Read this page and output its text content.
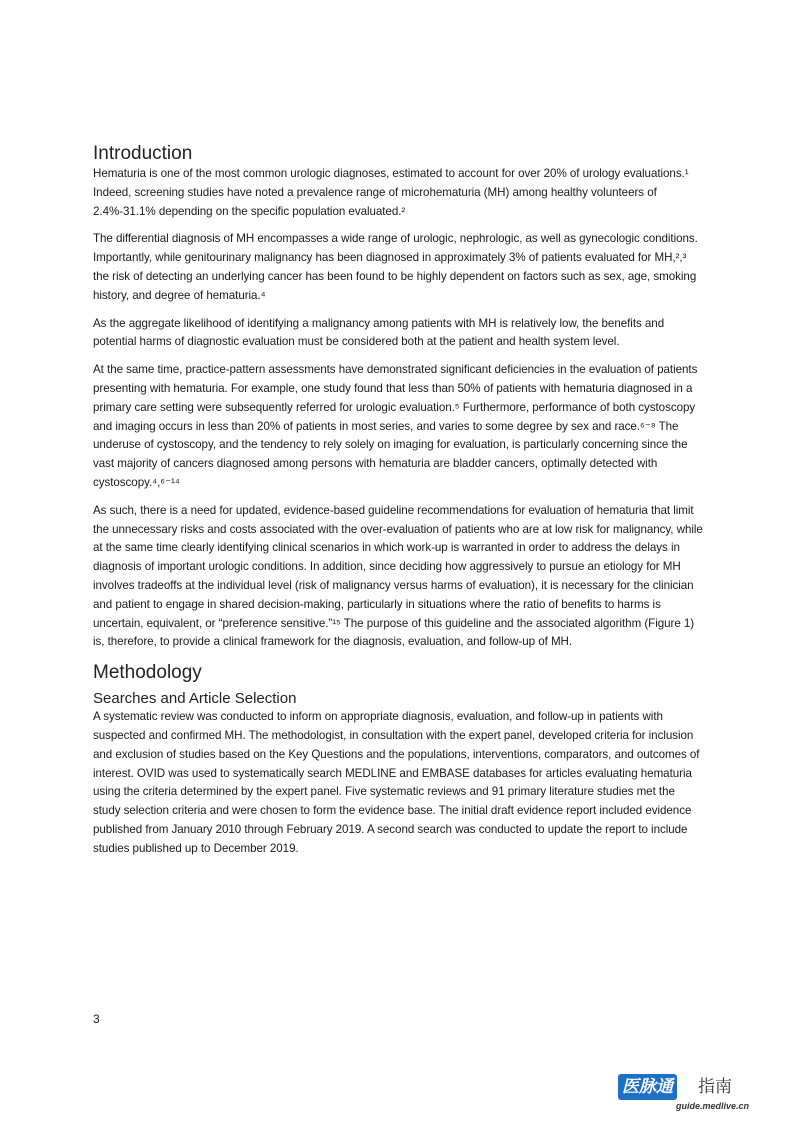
Introduction

Hematuria is one of the most common urologic diagnoses, estimated to account for over 20% of urology evaluations.¹ Indeed, screening studies have noted a prevalence range of microhematuria (MH) among healthy volunteers of 2.4%-31.1% depending on the specific population evaluated.²

The differential diagnosis of MH encompasses a wide range of urologic, nephrologic, as well as gynecologic conditions. Importantly, while genitourinary malignancy has been diagnosed in approximately 3% of patients evaluated for MH,²,³ the risk of detecting an underlying cancer has been found to be highly dependent on factors such as sex, age, smoking history, and degree of hematuria.⁴

As the aggregate likelihood of identifying a malignancy among patients with MH is relatively low, the benefits and potential harms of diagnostic evaluation must be considered both at the patient and health system level.

At the same time, practice-pattern assessments have demonstrated significant deficiencies in the evaluation of patients presenting with hematuria. For example, one study found that less than 50% of patients with hematuria diagnosed in a primary care setting were subsequently referred for urologic evaluation.⁵ Furthermore, performance of both cystoscopy and imaging occurs in less than 20% of patients in most series, and varies to some degree by sex and race.⁶⁻⁸ The underuse of cystoscopy, and the tendency to rely solely on imaging for evaluation, is particularly concerning since the vast majority of cancers diagnosed among persons with hematuria are bladder cancers, optimally detected with cystoscopy.⁴,⁶⁻¹⁴

As such, there is a need for updated, evidence-based guideline recommendations for evaluation of hematuria that limit the unnecessary risks and costs associated with the over-evaluation of patients who are at low risk for malignancy, while at the same time clearly identifying clinical scenarios in which work-up is warranted in order to address the delays in diagnosis of important urologic conditions. In addition, since deciding how aggressively to pursue an etiology for MH involves tradeoffs at the individual level (risk of malignancy versus harms of evaluation), it is necessary for the clinician and patient to engage in shared decision-making, particularly in situations where the ratio of benefits to harms is uncertain, equivalent, or “preference sensitive.”¹⁵ The purpose of this guideline and the associated algorithm (Figure 1) is, therefore, to provide a clinical framework for the diagnosis, evaluation, and follow-up of MH.

Methodology
Searches and Article Selection

A systematic review was conducted to inform on appropriate diagnosis, evaluation, and follow-up in patients with suspected and confirmed MH. The methodologist, in consultation with the expert panel, developed criteria for inclusion and exclusion of studies based on the Key Questions and the populations, interventions, comparators, and outcomes of interest. OVID was used to systematically search MEDLINE and EMBASE databases for articles evaluating hematuria using the criteria determined by the expert panel. Five systematic reviews and 91 primary literature studies met the study selection criteria and were chosen to form the evidence base. The initial draft evidence report included evidence published from January 2010 through February 2019. A second search was conducted to update the report to include studies published up to December 2019.

3
医脉通 指南
guide.medlive.cn
